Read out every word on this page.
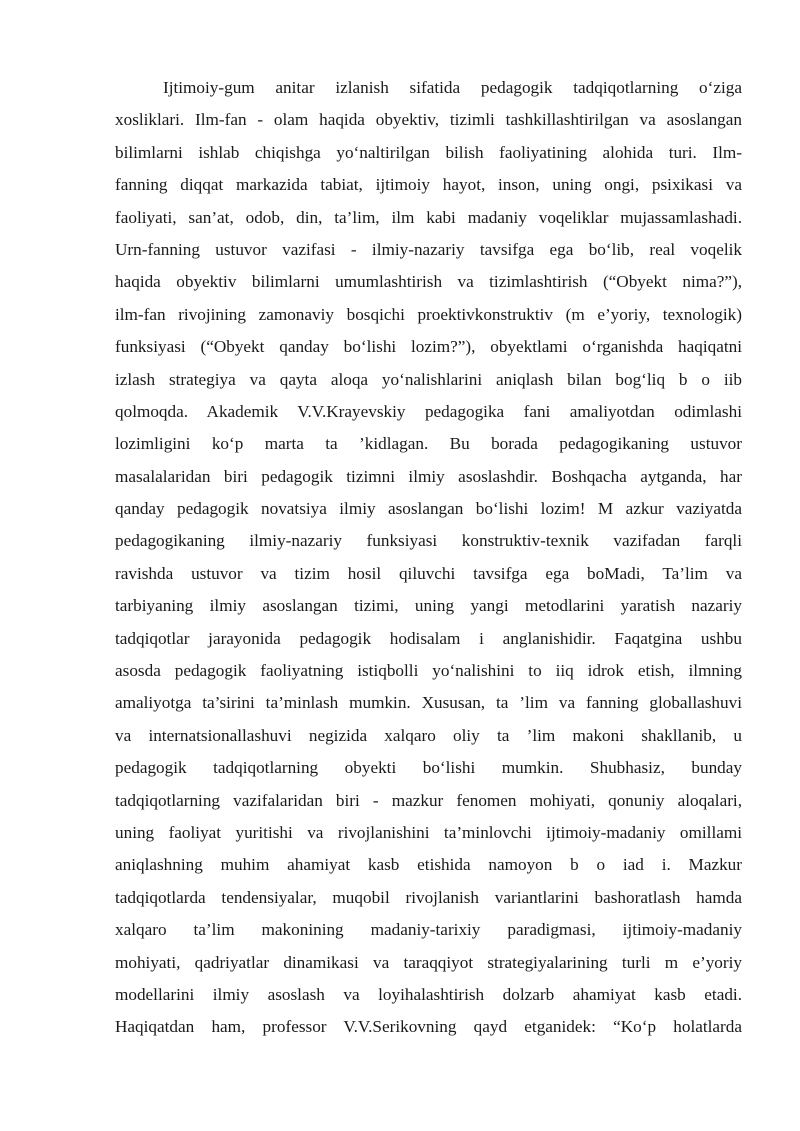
Ijtimoiy-gum anitar izlanish sifatida pedagogik tadqiqotlarning o‘ziga
xosliklari. Ilm-fan - olam haqida obyektiv, tizimli tashkillashtirilgan va asoslangan
bilimlarni ishlab chiqishga yo‘naltirilgan bilish faoliyatining alohida turi. Ilm-
fanning diqqat markazida tabiat, ijtimoiy hayot, inson, uning ongi, psixikasi va
faoliyati, san’at, odob, din, ta’lim, ilm kabi madaniy voqeliklar mujassamlashadi.
Urn-fanning ustuvor vazifasi - ilmiy-nazariy tavsifga ega bo‘lib, real voqelik
haqida obyektiv bilimlarni umumlashtirish va tizimlashtirish (“Obyekt nima?”),
ilm-fan rivojining zamonaviy bosqichi proektivkonstruktiv (m e’yoriy, texnologik)
funksiyasi (“Obyekt qanday bo‘lishi lozim?”), obyektlami o‘rganishda haqiqatni
izlash strategiya va qayta aloqa yo‘nalishlarini aniqlash bilan bog‘liq b o iib
qolmoqda. Akademik V.V.Krayevskiy pedagogika fani amaliyotdan odimlashi
lozimligini ko‘p marta ta ’kidlagan. Bu borada pedagogikaning ustuvor
masalalaridan biri pedagogik tizimni ilmiy asoslashdir. Boshqacha aytganda, har
qanday pedagogik novatsiya ilmiy asoslangan bo‘lishi lozim! M azkur vaziyatda
pedagogikaning ilmiy-nazariy funksiyasi konstruktiv-texnik vazifadan farqli
ravishda ustuvor va tizim hosil qiluvchi tavsifga ega boMadi, Ta’lim va
tarbiyaning ilmiy asoslangan tizimi, uning yangi metodlarini yaratish nazariy
tadqiqotlar jarayonida pedagogik hodisalam i anglanishidir. Faqatgina ushbu
asosda pedagogik faoliyatning istiqbolli yo‘nalishini to iiq idrok etish, ilmning
amaliyotga ta’sirini ta’minlash mumkin. Xususan, ta ’lim va fanning globallashuvi
va internatsionallashuvi negizida xalqaro oliy ta ’lim makoni shakllanib, u
pedagogik tadqiqotlarning obyekti bo‘lishi mumkin. Shubhasiz, bunday
tadqiqotlarning vazifalaridan biri - mazkur fenomen mohiyati, qonuniy aloqalari,
uning faoliyat yuritishi va rivojlanishini ta’minlovchi ijtimoiy-madaniy omillami
aniqlashning muhim ahamiyat kasb etishida namoyon b o iad i. Mazkur
tadqiqotlarda tendensiyalar, muqobil rivojlanish variantlarini bashoratlash hamda
xalqaro ta’lim makonining madaniy-tarixiy paradigmasi, ijtimoiy-madaniy
mohiyati, qadriyatlar dinamikasi va taraqqiyot strategiyalarining turli m e’yoriy
modellarini ilmiy asoslash va loyihalashtirish dolzarb ahamiyat kasb etadi.
Haqiqatdan ham, professor V.V.Serikovning qayd etganidek: “Ko‘p holatlarda
